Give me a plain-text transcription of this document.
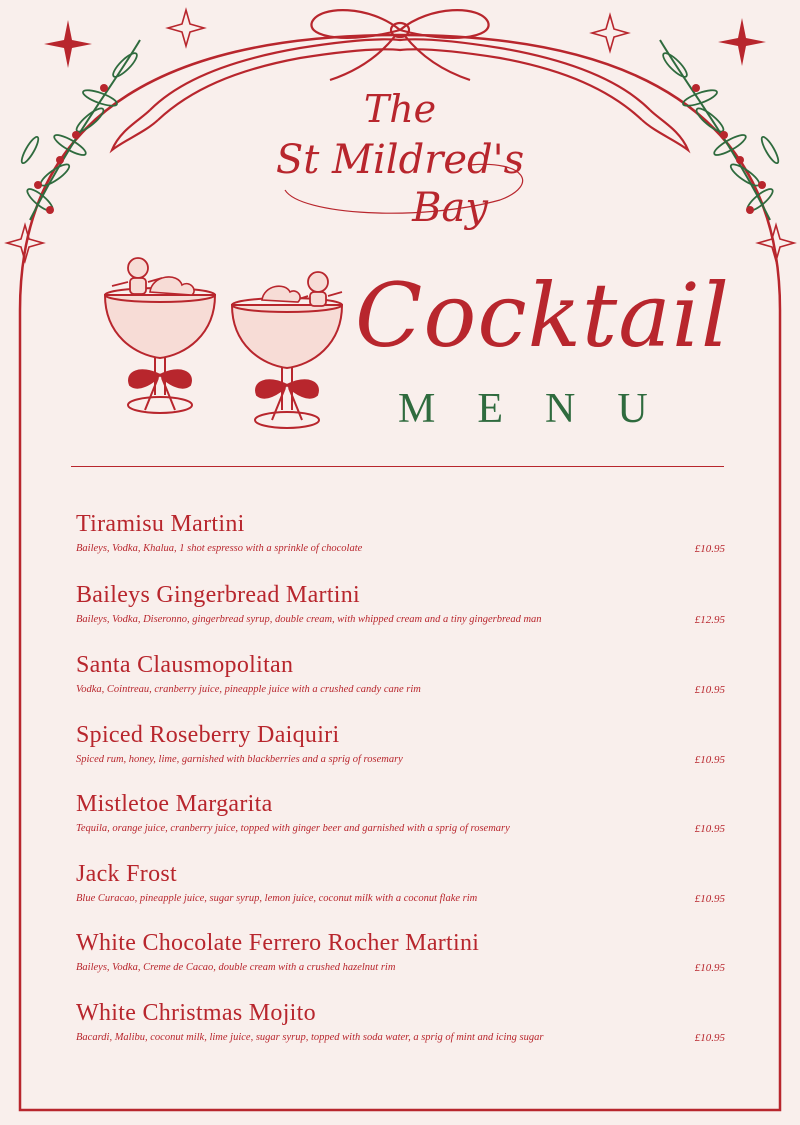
The
St Mildred's
Bay
Cocktail
MENU
Tiramisu Martini
Baileys, Vodka, Khalua, 1 shot espresso with a sprinkle of chocolate	£10.95
Baileys Gingerbread Martini
Baileys, Vodka, Diseronno, gingerbread syrup, double cream, with whipped cream and a tiny gingerbread man	£12.95
Santa Clausmopolitan
Vodka, Cointreau, cranberry juice, pineapple juice with a crushed candy cane rim	£10.95
Spiced Roseberry Daiquiri
Spiced rum, honey, lime, garnished with blackberries and a sprig of rosemary	£10.95
Mistletoe Margarita
Tequila, orange juice, cranberry juice, topped with ginger beer and garnished with a sprig of rosemary	£10.95
Jack Frost
Blue Curacao, pineapple juice, sugar syrup, lemon juice, coconut milk with a coconut flake rim	£10.95
White Chocolate Ferrero Rocher Martini
Baileys, Vodka, Creme de Cacao, double cream with a crushed hazelnut rim	£10.95
White Christmas Mojito
Bacardi, Malibu, coconut milk, lime juice, sugar syrup, topped with soda water, a sprig of mint and icing sugar	£10.95
